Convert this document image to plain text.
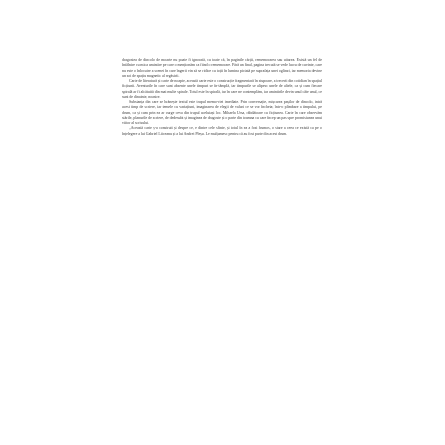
dragostea de dincolo de moarte nu poate fi ignorată, cu toate că, în paginile cărții, rememorarea sau uitarea. Există un fel de întâlnire cu mica amintire pe care o menționăm ca fiind o rememorare. Fără un final, pagina trecută se vede lucru de cuvinte, care nu este o înlocuire a scenei în care îngerii vin să se ridice cu toții în lumina pictată pe suprafața unei oglinzi, iar memoria devine un soi de spațiu magnetic al regăsirii.

Carte de literatură și carte de noapte, această carte este o construcție fragmentară în stupoare, a trecerii din cotidian în spațiul ficțiunii. Aventurile în care sunt absente unele timpuri se în-tâmplă, iar timpurile se alipesc unele de altele, ca și cum fiecare spirală ar fi alcătuită din mai multe spirale. Totul este în spirală, iar în care ne contemplăm, iar amintirile devin unul câte unul, ce sunt de dinainte, noastre.

Substanța din care se hrănește textul este trupul memo-riei imediate. Prin conversație, mișcarea pașilor de dincolo, intră acest timp de scriere, iar temele cu variațiuni, imaginarea de elegii de valuri ce se vor încheia; într-o plimbare a timpului, pe drum, ca și cum prin ea ar curge ceva din trupul aceluiași loc. Mihaela Ursa, răbdătoare cu ficțiunea. Carte în care observăm stările, planurile de scriere, de dedesubt și imaginea de dragoste și o parte din toamna cu care încep un pas spre promisiunea unui viitor al scrisului.

„Această carte ș-a construit și despre ce, e dintre cele sfinte, și totul în ea a fost frumos, o stare a ceea ce există ca pe o înțelegere a lui Gabriel Liiceanu și a lui Andrei Pleșu. Le mulțumesc pentru că au fost parte din acest drum.
